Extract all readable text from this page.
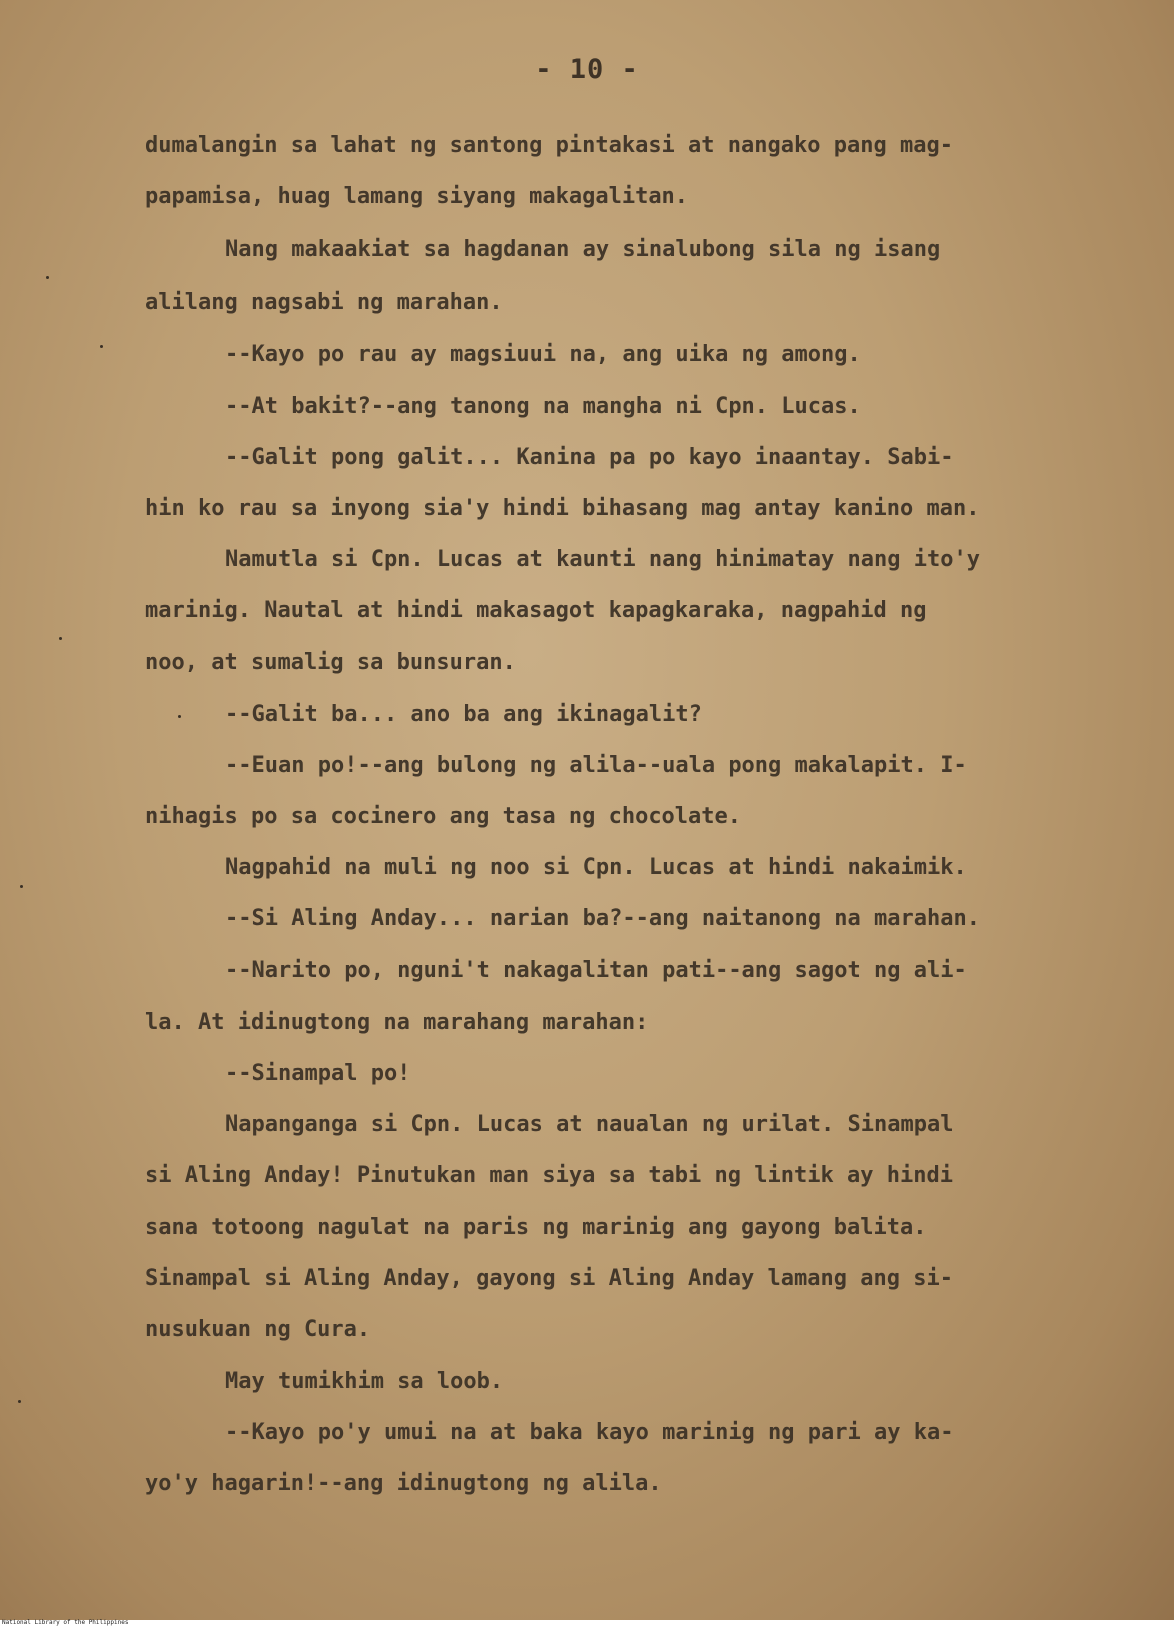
- 10 -
dumalangin sa lahat ng santong pintakasi at nangako pang mag-
papamisa, huag lamang siyang makagalitan.
Nang makaakiat sa hagdanan ay sinalubong sila ng isang
alilang nagsabi ng marahan.
--Kayo po rau ay magsiuui na, ang uika ng among.
--At bakit?--ang tanong na mangha ni Cpn. Lucas.
--Galit pong galit... Kanina pa po kayo inaantay. Sabi-
hin ko rau sa inyong sia'y hindi bihasang mag antay kanino man.
Namutla si Cpn. Lucas at kaunti nang hinimatay nang ito'y
marinig. Nautal at hindi makasagot kapagkaraka, nagpahid ng
noo, at sumalig sa bunsuran.
--Galit ba... ano ba ang ikinagalit?
--Euan po!--ang bulong ng alila--uala pong makalapit. I-
nihagis po sa cocinero ang tasa ng chocolate.
Nagpahid na muli ng noo si Cpn. Lucas at hindi nakaimik.
--Si Aling Anday... narian ba?--ang naitanong na marahan.
--Narito po, nguni't nakagalitan pati--ang sagot ng ali-
la. At idinugtong na marahang marahan:
--Sinampal po!
Napanganga si Cpn. Lucas at naualan ng urilat. Sinampal
si Aling Anday! Pinutukan man siya sa tabi ng lintik ay hindi
sana totoong nagulat na paris ng marinig ang gayong balita.
Sinampal si Aling Anday, gayong si Aling Anday lamang ang si-
nusukuan ng Cura.
May tumikhim sa loob.
--Kayo po'y umui na at baka kayo marinig ng pari ay ka-
yo'y hagarin!--ang idinugtong ng alila.
National Library of the Philippines
